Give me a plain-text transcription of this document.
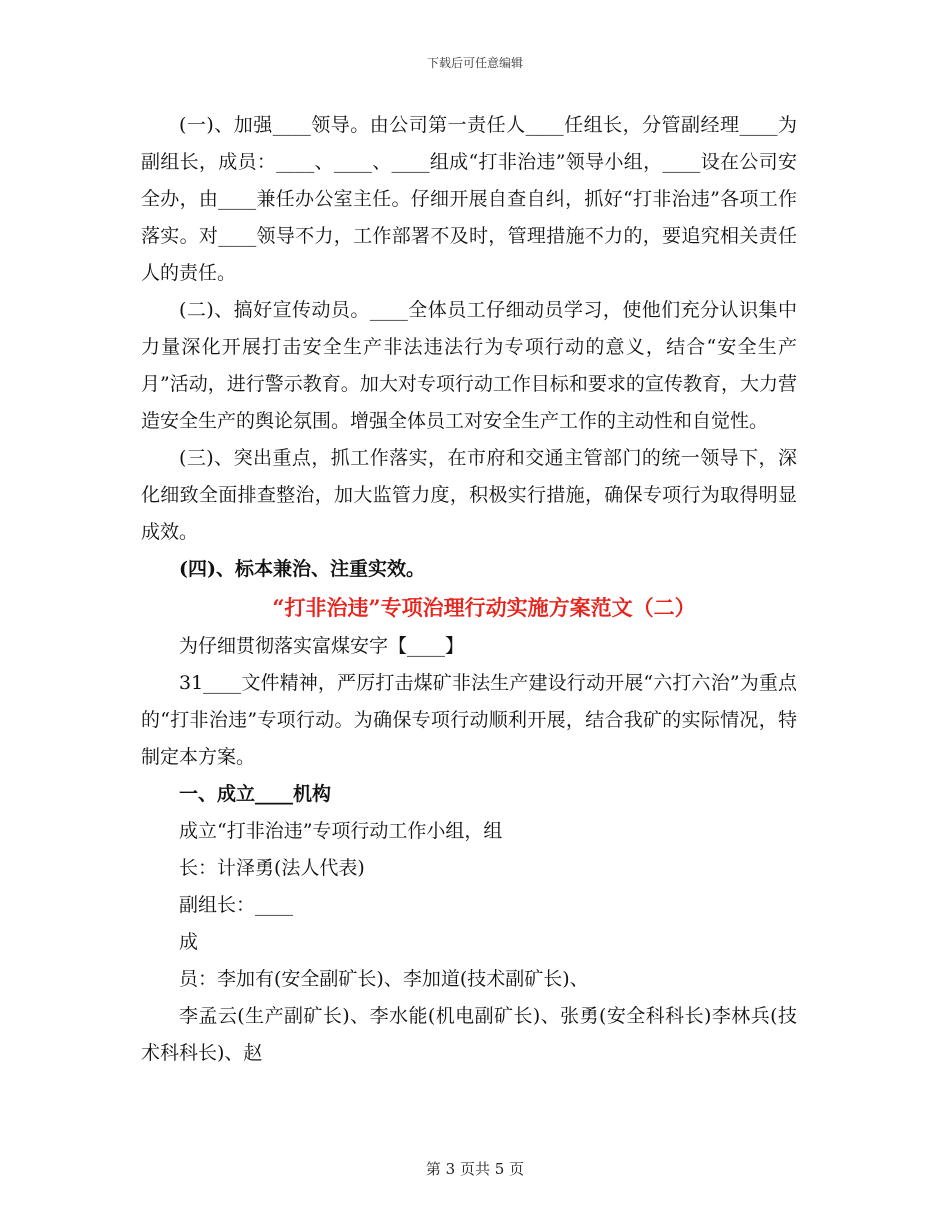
下载后可任意编辑

(一)、加强____领导。由公司第一责任人____任组长，分管副经理____为副组长，成员：____、____、____组成“打非治违”领导小组，____设在公司安全办，由____兼任办公室主任。仔细开展自查自纠，抓好“打非治违”各项工作落实。对____领导不力，工作部署不及时，管理措施不力的，要追究相关责任人的责任。

(二)、搞好宣传动员。____全体员工仔细动员学习，使他们充分认识集中力量深化开展打击安全生产非法违法行为专项行动的意义，结合“安全生产月”活动，进行警示教育。加大对专项行动工作目标和要求的宣传教育，大力营造安全生产的舆论氛围。增强全体员工对安全生产工作的主动性和自觉性。

(三)、突出重点，抓工作落实，在市府和交通主管部门的统一领导下，深化细致全面排查整治，加大监管力度，积极实行措施，确保专项行为取得明显成效。

(四)、标本兼治、注重实效。

“打非治违”专项治理行动实施方案范文（二）

为仔细贯彻落实富煤安字【____】

31____文件精神，严厉打击煤矿非法生产建设行动开展“六打六治”为重点的“打非治违”专项行动。为确保专项行动顺利开展，结合我矿的实际情况，特制定本方案。

一、成立____机构

成立“打非治违”专项行动工作小组，组

长：计泽勇(法人代表)

副组长：____

成

员：李加有(安全副矿长)、李加道(技术副矿长)、

李孟云(生产副矿长)、李水能(机电副矿长)、张勇(安全科科长)李林兵(技术科科长)、赵

第 3 页共 5 页
